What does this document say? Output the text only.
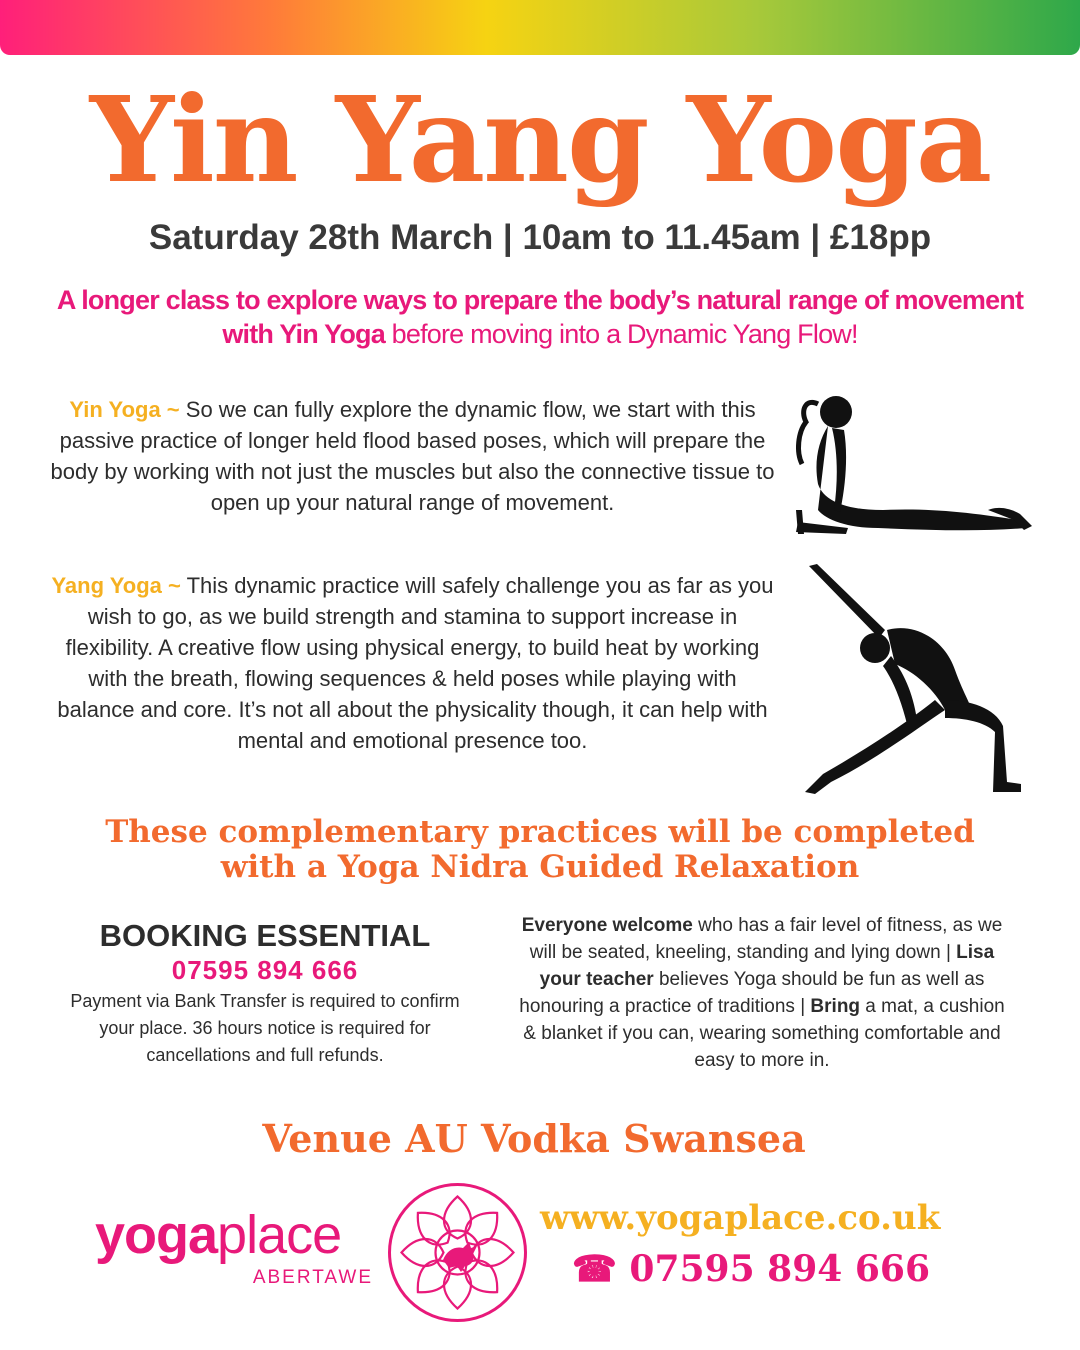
Yin Yang Yoga
Saturday 28th March | 10am to 11.45am | £18pp
A longer class to explore ways to prepare the body’s natural range of movement with Yin Yoga before moving into a Dynamic Yang Flow!
Yin Yoga ~ So we can fully explore the dynamic flow, we start with this passive practice of longer held flood based poses, which will prepare the body by working with not just the muscles but also the connective tissue to open up your natural range of movement.
Yang Yoga ~ This dynamic practice will safely challenge you as far as you wish to go, as we build strength and stamina to support increase in flexibility. A creative flow using physical energy, to build heat by working with the breath, flowing sequences & held poses while playing with balance and core. It’s not all about the physicality though, it can help with mental and emotional presence too.
These complementary practices will be completed
with a Yoga Nidra Guided Relaxation
BOOKING ESSENTIAL
07595 894 666
Payment via Bank Transfer is required to confirm your place. 36 hours notice is required for cancellations and full refunds.
Everyone welcome who has a fair level of fitness, as we will be seated, kneeling, standing and lying down | Lisa your teacher believes Yoga should be fun as well as honouring a practice of traditions | Bring a mat, a cushion & blanket if you can, wearing something comfortable and easy to more in.
Venue AU Vodka Swansea
yogaplace
ABERTAWE
www.yogaplace.co.uk
☎ 07595 894 666
